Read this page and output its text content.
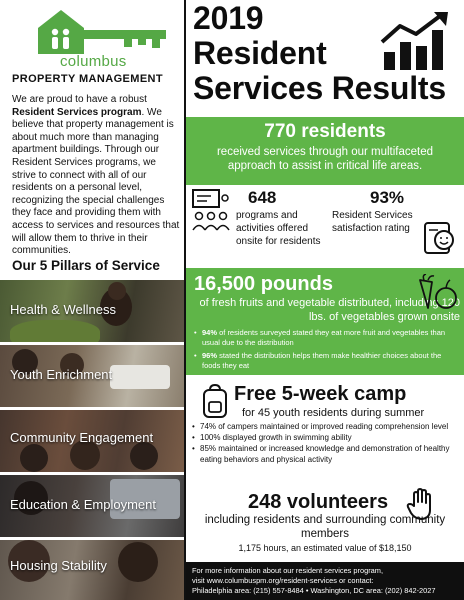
columbus
PROPERTY MANAGEMENT

We are proud to have a robust Resident Services program. We believe that property management is about much more than managing apartment buildings. Through our Resident Services programs, we strive to connect with all of our residents on a personal level, recognizing the special challenges they face and providing them with access to services and resources that will allow them to thrive in their communities.

Our 5 Pillars of Service
Health & Wellness
Youth Enrichment
Community Engagement
Education & Employment
Housing Stability
2019
Resident
Services Results
770 residents
received services through our multifaceted approach to assist in critical life areas.
648
programs and activities offered onsite for residents
93%
Resident Services satisfaction rating
16,500 pounds
of fresh fruits and vegetable distributed, including 120 lbs. of vegetables grown onsite
• 94% of residents surveyed stated they eat more fruit and vegetables than usual due to the distribution
• 96% stated the distribution helps them make healthier choices about the foods they eat
Free 5-week camp
for 45 youth residents during summer
• 74% of campers maintained or improved reading comprehension level
• 100% displayed growth in swimming ability
• 85% maintained or increased knowledge and demonstration of healthy eating behaviors and physical activity
248 volunteers
including residents and surrounding community members
1,175 hours, an estimated value of $18,150
For more information about our resident services program,
visit www.columbuspm.org/resident-services or contact:
Philadelphia area: (215) 557-8484 • Washington, DC area: (202) 842-2027
